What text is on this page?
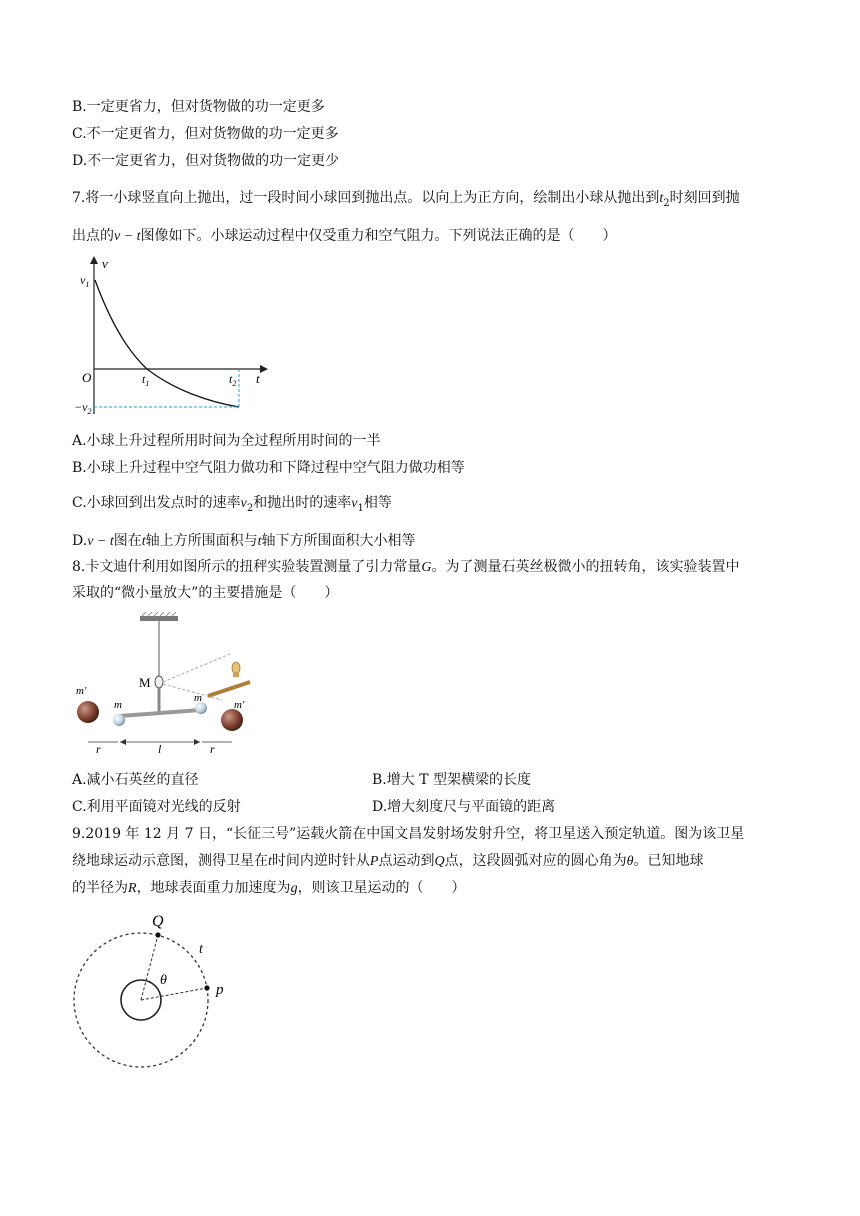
B.一定更省力，但对货物做的功一定更多
C.不一定更省力，但对货物做的功一定更多
D.不一定更省力，但对货物做的功一定更少
7.将一小球竖直向上抛出，过一段时间小球回到抛出点。以向上为正方向，绘制出小球从抛出到$t_2$时刻回到抛
出点的v − t图像如下。小球运动过程中仅受重力和空气阻力。下列说法正确的是（　　）
v
t
O
$v_1$
$-v_2$
$t_1$	$t_2$
A.小球上升过程所用时间为全过程所用时间的一半
B.小球上升过程中空气阻力做功和下降过程中空气阻力做功相等
C.小球回到出发点时的速率$v_2$和抛出时的速率$v_1$相等
D.v − t图在t轴上方所围面积与t轴下方所围面积大小相等
8.卡文迪什利用如图所示的扭秤实验装置测量了引力常量G。为了测量石英丝极微小的扭转角，该实验装置中
采取的“微小量放大”的主要措施是（　　）
M
m'
m
m
m'
r	l	r
A.减小石英丝的直径	B.增大 T 型架横梁的长度
C.利用平面镜对光线的反射	D.增大刻度尺与平面镜的距离
9.2019 年 12 月 7 日，“长征三号”运载火箭在中国文昌发射场发射升空，将卫星送入预定轨道。图为该卫星
绕地球运动示意图，测得卫星在t时间内逆时针从P点运动到Q点，这段圆弧对应的圆心角为θ。已知地球
的半径为R，地球表面重力加速度为g，则该卫星运动的（　　）
Q
t
θ
p
